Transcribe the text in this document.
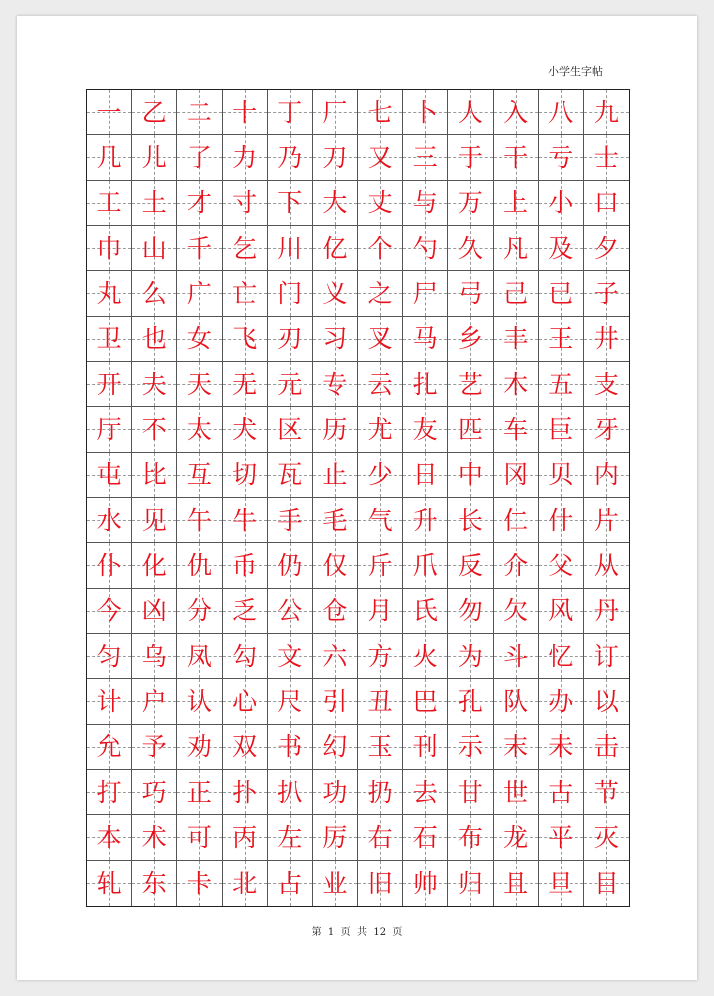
小学生字帖
一 乙 二 十 丁 厂 七 卜 人 入 八 九
几 儿 了 力 乃 刀 又 三 于 干 亏 士
工 土 才 寸 下 大 丈 与 万 上 小 口
巾 山 千 乞 川 亿 个 勺 久 凡 及 夕
丸 么 广 亡 门 义 之 尸 弓 己 已 子
卫 也 女 飞 刃 习 叉 马 乡 丰 王 井
开 夫 天 无 元 专 云 扎 艺 木 五 支
厅 不 太 犬 区 历 尤 友 匹 车 巨 牙
屯 比 互 切 瓦 止 少 日 中 冈 贝 内
水 见 午 牛 手 毛 气 升 长 仁 什 片
仆 化 仇 币 仍 仅 斤 爪 反 介 父 从
今 凶 分 乏 公 仓 月 氏 勿 欠 风 丹
匀 乌 凤 勾 文 六 方 火 为 斗 忆 订
计 户 认 心 尺 引 丑 巴 孔 队 办 以
允 予 劝 双 书 幻 玉 刊 示 末 未 击
打 巧 正 扑 扒 功 扔 去 甘 世 古 节
本 术 可 丙 左 厉 右 石 布 龙 平 灭
轧 东 卡 北 占 业 旧 帅 归 且 旦 目
第  1  页  共  12  页
